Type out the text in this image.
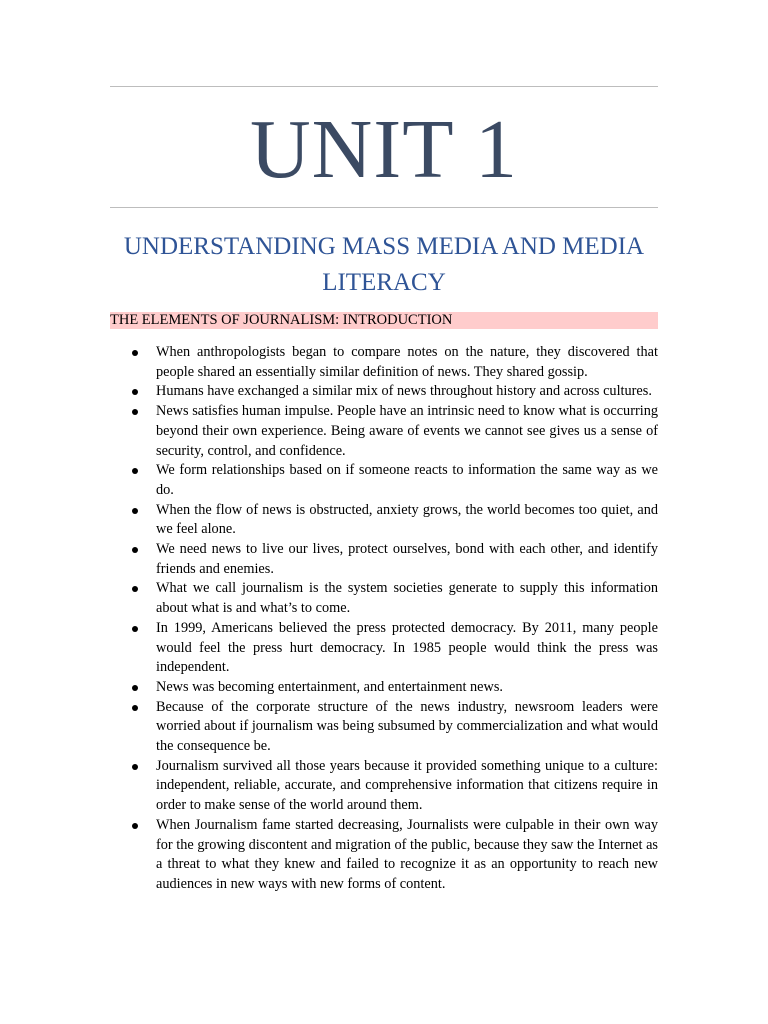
UNIT 1
UNDERSTANDING MASS MEDIA AND MEDIA
LITERACY
THE ELEMENTS OF JOURNALISM: INTRODUCTION
When anthropologists began to compare notes on the nature, they discovered that people shared an essentially similar definition of news. They shared gossip.
Humans have exchanged a similar mix of news throughout history and across cultures.
News satisfies human impulse. People have an intrinsic need to know what is occurring beyond their own experience. Being aware of events we cannot see gives us a sense of security, control, and confidence.
We form relationships based on if someone reacts to information the same way as we do.
When the flow of news is obstructed, anxiety grows, the world becomes too quiet, and we feel alone.
We need news to live our lives, protect ourselves, bond with each other, and identify friends and enemies.
What we call journalism is the system societies generate to supply this information about what is and what’s to come.
In 1999, Americans believed the press protected democracy. By 2011, many people would feel the press hurt democracy. In 1985 people would think the press was independent.
News was becoming entertainment, and entertainment news.
Because of the corporate structure of the news industry, newsroom leaders were worried about if journalism was being subsumed by commercialization and what would the consequence be.
Journalism survived all those years because it provided something unique to a culture: independent, reliable, accurate, and comprehensive information that citizens require in order to make sense of the world around them.
When Journalism fame started decreasing, Journalists were culpable in their own way for the growing discontent and migration of the public, because they saw the Internet as a threat to what they knew and failed to recognize it as an opportunity to reach new audiences in new ways with new forms of content.
